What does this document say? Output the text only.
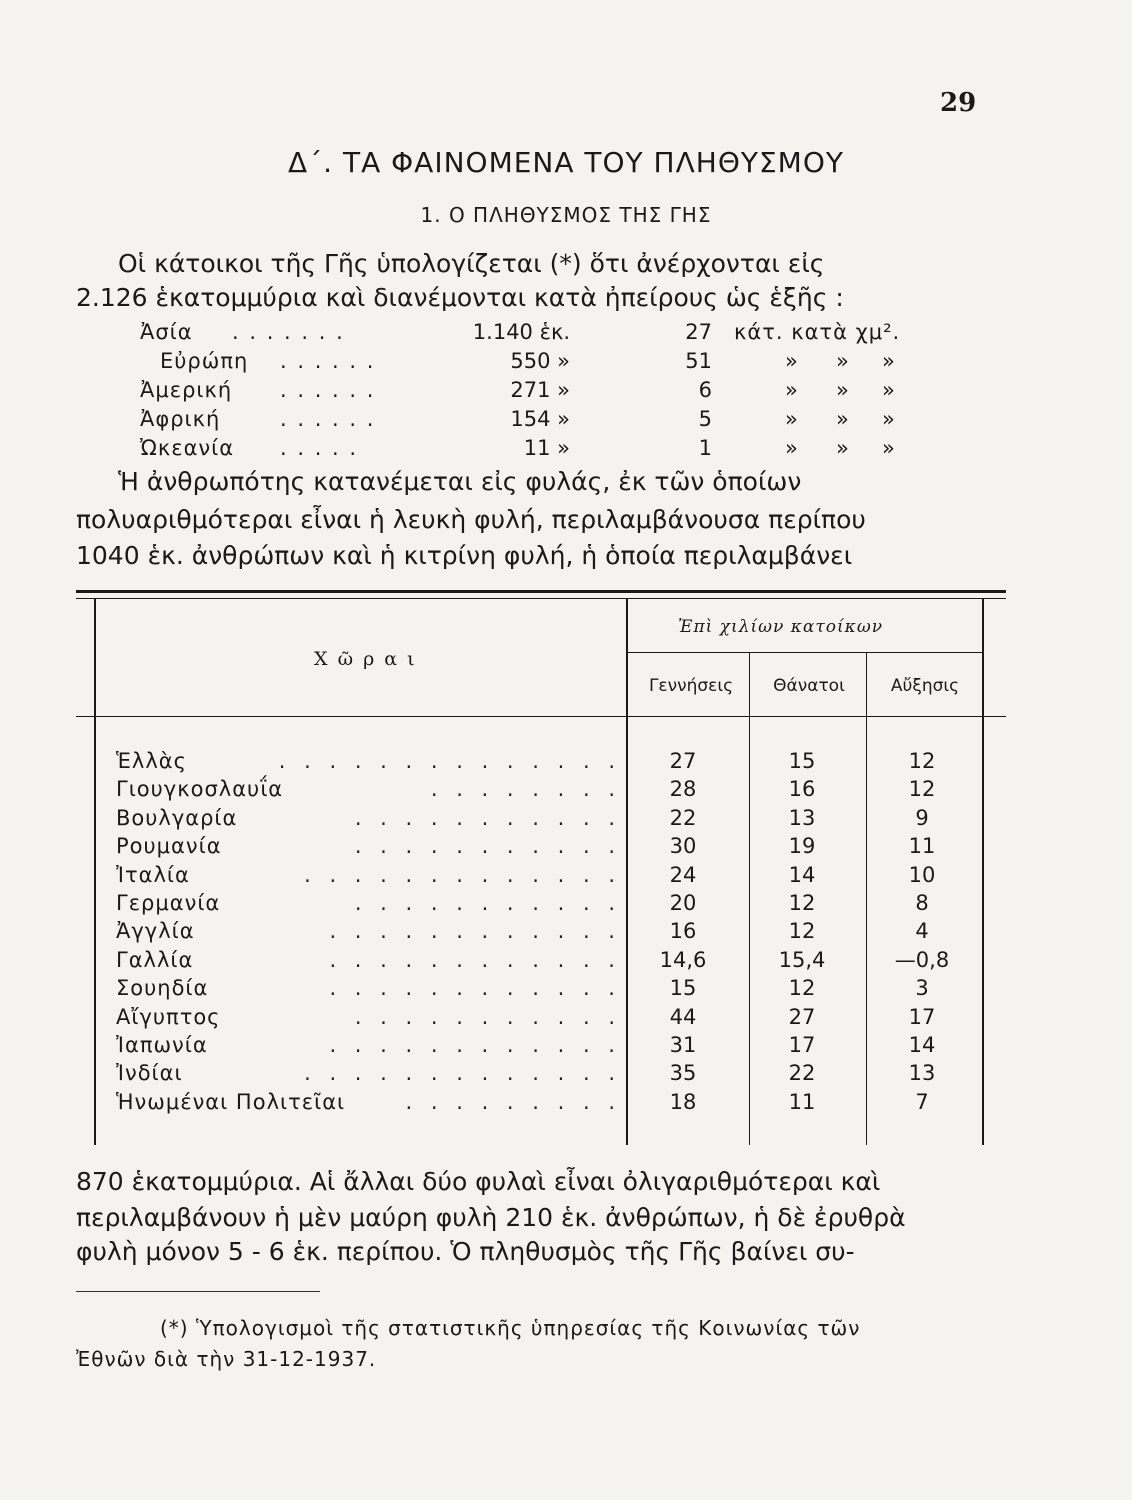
29
Δ΄. ΤΑ ΦΑΙΝΟΜΕΝΑ ΤΟΥ ΠΛΗΘΥΣΜΟΥ
1. Ο ΠΛΗΘΥΣΜΟΣ ΤΗΣ ΓΗΣ
Οἱ κάτοικοι τῆς Γῆς ὑπολογίζεται (*) ὅτι ἀνέρχονται εἰς
2.126 ἑκατομμύρια καὶ διανέμονται κατὰ ἠπείρους ὡς ἑξῆς :
Ἀσία . . . . . . .	1.140 ἑκ.	27 κάτ. κατὰ χμ².
Εὐρώπη . . . . . .	550 »	51	» » »
Ἀμερική . . . . . .	271 »	6	» » »
Ἀφρική	. . . . . .	154 »	5	» » »
Ὠκεανία . . . . .	11 »	1	» » »
Ἡ ἀνθρωπότης κατανέμεται εἰς φυλάς, ἐκ τῶν ὁποίων
πολυαριθμότεραι εἶναι ἡ λευκὴ φυλή, περιλαμβάνουσα περίπου
1040 ἑκ. ἀνθρώπων καὶ ἡ κιτρίνη φυλή, ἡ ὁποία περιλαμβάνει
Χ ῶ ρ α ι
Ἐπὶ χιλίων κατοίκων
Γεννήσεις	Θάνατοι	Αὔξησις
Ἑλλὰς	. . . . . . . . . . . . . .	27	15	12
Γιουγκοσλαυΐα	. . . . . . . .	28	16	12
Βουλγαρία	. . . . . . . . . . .	22	13	9
Ρουμανία	. . . . . . . . . . .	30	19	11
Ἰταλία	. . . . . . . . . . . . .	24	14	10
Γερμανία	. . . . . . . . . . .	20	12	8
Ἀγγλία	. . . . . . . . . . . .	16	12	4
Γαλλία	. . . . . . . . . . . .	14,6	15,4	—0,8
Σουηδία	. . . . . . . . . . . .	15	12	3
Αἴγυπτος	. . . . . . . . . . .	44	27	17
Ἰαπωνία	. . . . . . . . . . . .	31	17	14
Ἰνδίαι	. . . . . . . . . . . . .	35	22	13
Ἡνωμέναι Πολιτεῖαι	. . . . . . . . .	18	11	7
870 ἑκατομμύρια. Αἱ ἄλλαι δύο φυλαὶ εἶναι ὀλιγαριθμότεραι καὶ
περιλαμβάνουν ἡ μὲν μαύρη φυλὴ 210 ἑκ. ἀνθρώπων, ἡ δὲ ἐρυθρὰ
φυλὴ μόνον 5 - 6 ἑκ. περίπου. Ὁ πληθυσμὸς τῆς Γῆς βαίνει συ-
(*) Ὑπολογισμοὶ τῆς στατιστικῆς ὑπηρεσίας τῆς Κοινωνίας τῶν
Ἐθνῶν διὰ τὴν 31-12-1937.
